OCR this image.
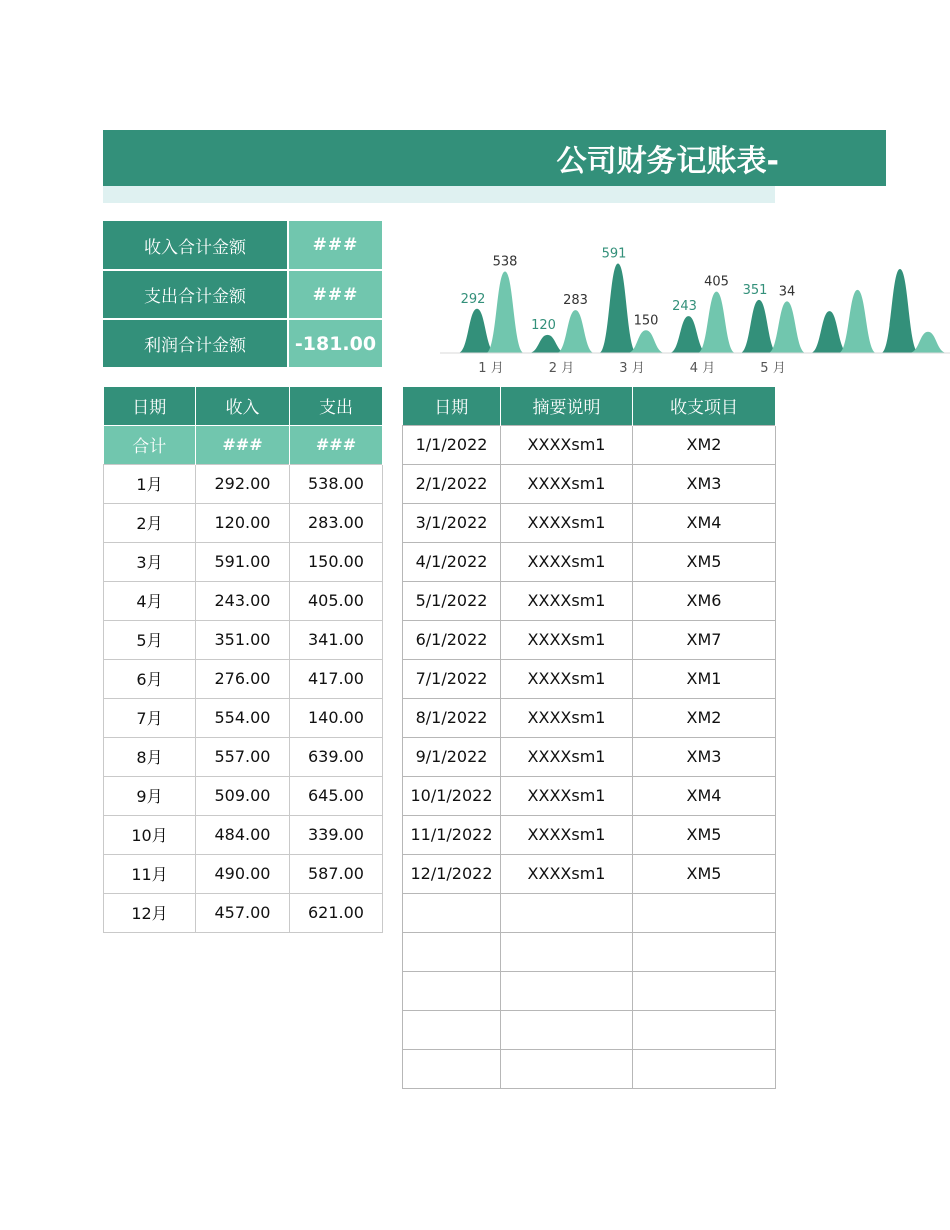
公司财务记账表-
收入合计金额	###
支出合计金额	###
利润合计金额	-181.00
1 月	2 月	3 月	4 月	5 月
292
538
120
283
591
150
243
405
351 34
日期	收入	支出
合计	###	###
1月	292.00	538.00
2月	120.00	283.00
3月	591.00	150.00
4月	243.00	405.00
5月	351.00	341.00
6月	276.00	417.00
7月	554.00	140.00
8月	557.00	639.00
9月	509.00	645.00
10月	484.00	339.00
11月	490.00	587.00
12月	457.00	621.00
日期	摘要说明	收支项目
1/1/2022	XXXXsm1	XM2
2/1/2022	XXXXsm1	XM3
3/1/2022	XXXXsm1	XM4
4/1/2022	XXXXsm1	XM5
5/1/2022	XXXXsm1	XM6
6/1/2022	XXXXsm1	XM7
7/1/2022	XXXXsm1	XM1
8/1/2022	XXXXsm1	XM2
9/1/2022	XXXXsm1	XM3
10/1/2022	XXXXsm1	XM4
11/1/2022	XXXXsm1	XM5
12/1/2022	XXXXsm1	XM5
